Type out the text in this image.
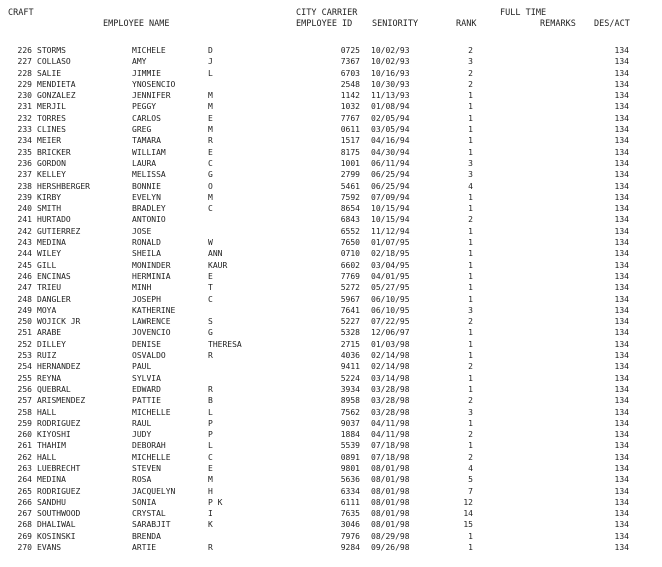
CRAFT	CITY CARRIER	FULL TIME
EMPLOYEE NAME	EMPLOYEE ID SENIORITY	RANK	REMARKS DES/ACT
226 STORMS	MICHELE	D	0725 10/02/93	2	134
227 COLLASO	AMY	J	7367 10/02/93	3	134
228 SALIE	JIMMIE	L	6703 10/16/93	2	134
229 MENDIETA	YNOSENCIO	2548 10/30/93	2	134
230 GONZALEZ	JENNIFER	M	1142 11/13/93	1	134
231 MERJIL	PEGGY	M	1032 01/08/94	1	134
232 TORRES	CARLOS	E	7767 02/05/94	1	134
233 CLINES	GREG	M	0611 03/05/94	1	134
234 MEIER	TAMARA	R	1517 04/16/94	1	134
235 BRICKER	WILLIAM	E	8175 04/30/94	1	134
236 GORDON	LAURA	C	1001 06/11/94	3	134
237 KELLEY	MELISSA	G	2799 06/25/94	3	134
238 HERSHBERGER	BONNIE	O	5461 06/25/94	4	134
239 KIRBY	EVELYN	M	7592 07/09/94	1	134
240 SMITH	BRADLEY	C	8654 10/15/94	1	134
241 HURTADO	ANTONIO	6843 10/15/94	2	134
242 GUTIERREZ	JOSE	6552 11/12/94	1	134
243 MEDINA	RONALD	W	7650 01/07/95	1	134
244 WILEY	SHEILA	ANN	0710 02/18/95	1	134
245 GILL	MONINDER	KAUR	6602 03/04/95	1	134
246 ENCINAS	HERMINIA	E	7769 04/01/95	1	134
247 TRIEU	MINH	T	5272 05/27/95	1	134
248 DANGLER	JOSEPH	C	5967 06/10/95	1	134
249 MOYA	KATHERINE	7641 06/10/95	3	134
250 WOJICK JR	LAWRENCE	S	5227 07/22/95	2	134
251 ARABE	JOVENCIO	G	5328 12/06/97	1	134
252 DILLEY	DENISE	THERESA	2715 01/03/98	1	134
253 RUIZ	OSVALDO	R	4036 02/14/98	1	134
254 HERNANDEZ	PAUL	9411 02/14/98	2	134
255 REYNA	SYLVIA	5224 03/14/98	1	134
256 QUEBRAL	EDWARD	R	3934 03/28/98	1	134
257 ARISMENDEZ	PATTIE	B	8958 03/28/98	2	134
258 HALL	MICHELLE	L	7562 03/28/98	3	134
259 RODRIGUEZ	RAUL	P	9037 04/11/98	1	134
260 KIYOSHI	JUDY	P	1884 04/11/98	2	134
261 THAHIM	DEBORAH	L	5539 07/18/98	1	134
262 HALL	MICHELLE	C	0891 07/18/98	2	134
263 LUEBRECHT	STEVEN	E	9801 08/01/98	4	134
264 MEDINA	ROSA	M	5636 08/01/98	5	134
265 RODRIGUEZ	JACQUELYN	H	6334 08/01/98	7	134
266 SANDHU	SONIA	P K	6111 08/01/98	12	134
267 SOUTHWOOD	CRYSTAL	I	7635 08/01/98	14	134
268 DHALIWAL	SARABJIT	K	3046 08/01/98	15	134
269 KOSINSKI	BRENDA	7976 08/29/98	1	134
270 EVANS	ARTIE	R	9284 09/26/98	1	134
